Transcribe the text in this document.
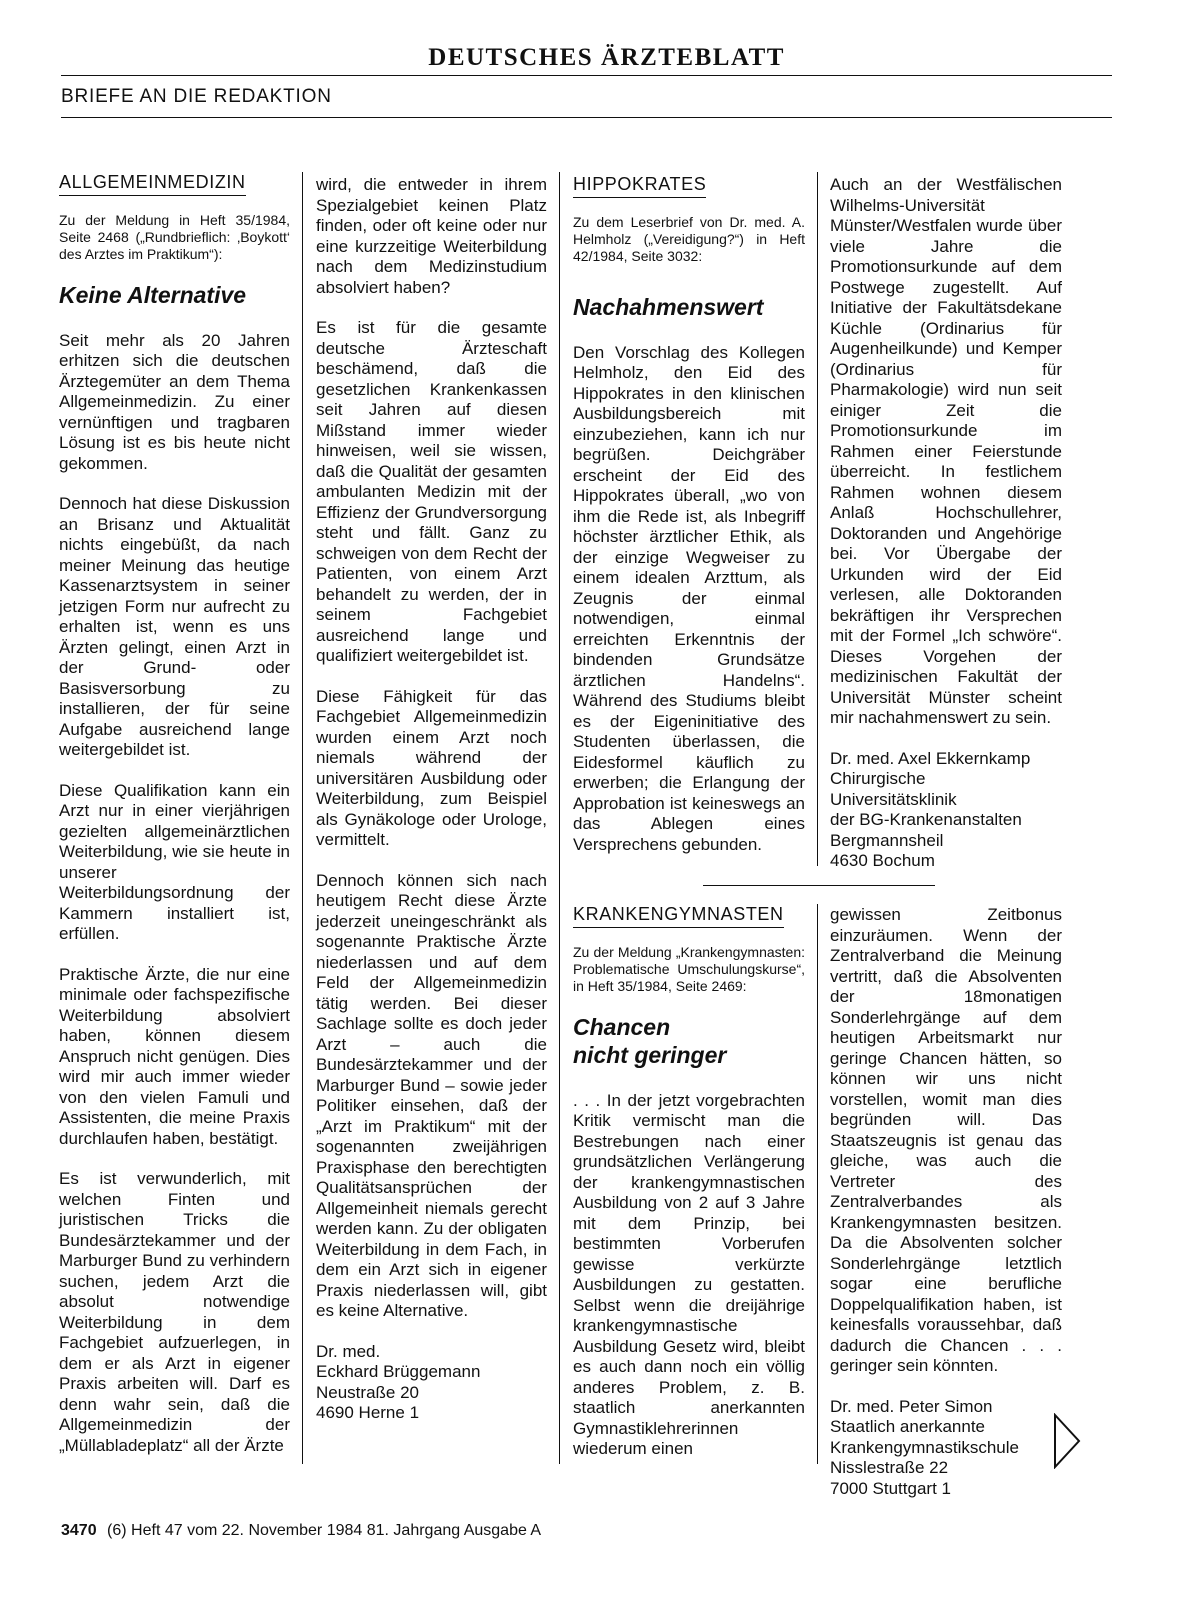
DEUTSCHES ÄRZTEBLATT
BRIEFE AN DIE REDAKTION
ALLGEMEINMEDIZIN
Zu der Meldung in Heft 35/1984, Seite 2468 („Rundbrieflich: ‚Boykott‘ des Arztes im Praktikum“):
Keine Alternative

Seit mehr als 20 Jahren erhitzen sich die deutschen Ärztegemüter an dem Thema Allgemeinmedizin. Zu einer vernünftigen und tragbaren Lösung ist es bis heute nicht gekommen.

Dennoch hat diese Diskussion an Brisanz und Aktualität nichts eingebüßt, da nach meiner Meinung das heutige Kassenarztsystem in seiner jetzigen Form nur aufrecht zu erhalten ist, wenn es uns Ärzten gelingt, einen Arzt in der Grund- oder Basisversorbung zu installieren, der für seine Aufgabe ausreichend lange weitergebildet ist.

Diese Qualifikation kann ein Arzt nur in einer vierjährigen gezielten allgemeinärztlichen Weiterbildung, wie sie heute in unserer Weiterbildungsordnung der Kammern installiert ist, erfüllen.

Praktische Ärzte, die nur eine minimale oder fachspezifische Weiterbildung absolviert haben, können diesem Anspruch nicht genügen. Dies wird mir auch immer wieder von den vielen Famuli und Assistenten, die meine Praxis durchlaufen haben, bestätigt.

Es ist verwunderlich, mit welchen Finten und juristischen Tricks die Bundesärztekammer und der Marburger Bund zu verhindern suchen, jedem Arzt die absolut notwendige Weiterbildung in dem Fachgebiet aufzuerlegen, in dem er als Arzt in eigener Praxis arbeiten will. Darf es denn wahr sein, daß die Allgemeinmedizin der „Müllabladeplatz“ all der Ärzte

wird, die entweder in ihrem Spezialgebiet keinen Platz finden, oder oft keine oder nur eine kurzzeitige Weiterbildung nach dem Medizinstudium absolviert haben?

Es ist für die gesamte deutsche Ärzteschaft beschämend, daß die gesetzlichen Krankenkassen seit Jahren auf diesen Mißstand immer wieder hinweisen, weil sie wissen, daß die Qualität der gesamten ambulanten Medizin mit der Effizienz der Grundversorgung steht und fällt. Ganz zu schweigen von dem Recht der Patienten, von einem Arzt behandelt zu werden, der in seinem Fachgebiet ausreichend lange und qualifiziert weitergebildet ist.

Diese Fähigkeit für das Fachgebiet Allgemeinmedizin wurden einem Arzt noch niemals während der universitären Ausbildung oder Weiterbildung, zum Beispiel als Gynäkologe oder Urologe, vermittelt.

Dennoch können sich nach heutigem Recht diese Ärzte jederzeit uneingeschränkt als sogenannte Praktische Ärzte niederlassen und auf dem Feld der Allgemeinmedizin tätig werden. Bei dieser Sachlage sollte es doch jeder Arzt – auch die Bundesärztekammer und der Marburger Bund – sowie jeder Politiker einsehen, daß der „Arzt im Praktikum“ mit der sogenannten zweijährigen Praxisphase den berechtigten Qualitätsansprüchen der Allgemeinheit niemals gerecht werden kann. Zu der obligaten Weiterbildung in dem Fach, in dem ein Arzt sich in eigener Praxis niederlassen will, gibt es keine Alternative.

Dr. med.
Eckhard Brüggemann
Neustraße 20
4690 Herne 1
HIPPOKRATES
Zu dem Leserbrief von Dr. med. A. Helmholz („Vereidigung?“) in Heft 42/1984, Seite 3032:
Nachahmenswert

Den Vorschlag des Kollegen Helmholz, den Eid des Hippokrates in den klinischen Ausbildungsbereich mit einzubeziehen, kann ich nur begrüßen. Deichgräber erscheint der Eid des Hippokrates überall, „wo von ihm die Rede ist, als Inbegriff höchster ärztlicher Ethik, als der einzige Wegweiser zu einem idealen Arzttum, als Zeugnis der einmal notwendigen, einmal erreichten Erkenntnis der bindenden Grundsätze ärztlichen Handelns“. Während des Studiums bleibt es der Eigeninitiative des Studenten überlassen, die Eidesformel käuflich zu erwerben; die Erlangung der Approbation ist keineswegs an das Ablegen eines Versprechens gebunden.

Auch an der Westfälischen Wilhelms-Universität Münster/Westfalen wurde über viele Jahre die Promotionsurkunde auf dem Postwege zugestellt. Auf Initiative der Fakultätsdekane Küchle (Ordinarius für Augenheilkunde) und Kemper (Ordinarius für Pharmakologie) wird nun seit einiger Zeit die Promotionsurkunde im Rahmen einer Feierstunde überreicht. In festlichem Rahmen wohnen diesem Anlaß Hochschullehrer, Doktoranden und Angehörige bei. Vor Übergabe der Urkunden wird der Eid verlesen, alle Doktoranden bekräftigen ihr Versprechen mit der Formel „Ich schwöre“. Dieses Vorgehen der medizinischen Fakultät der Universität Münster scheint mir nachahmenswert zu sein.

Dr. med. Axel Ekkernkamp
Chirurgische
Universitätsklinik
der BG-Krankenanstalten
Bergmannsheil
4630 Bochum
KRANKENGYMNASTEN
Zu der Meldung „Krankengymnasten: Problematische Umschulungskurse“, in Heft 35/1984, Seite 2469:
Chancen
nicht geringer

. . . In der jetzt vorgebrachten Kritik vermischt man die Bestrebungen nach einer grundsätzlichen Verlängerung der krankengymnastischen Ausbildung von 2 auf 3 Jahre mit dem Prinzip, bei bestimmten Vorberufen gewisse verkürzte Ausbildungen zu gestatten. Selbst wenn die dreijährige krankengymnastische Ausbildung Gesetz wird, bleibt es auch dann noch ein völlig anderes Problem, z. B. staatlich anerkannten Gymnastiklehrerinnen wiederum einen

gewissen Zeitbonus einzuräumen. Wenn der Zentralverband die Meinung vertritt, daß die Absolventen der 18monatigen Sonderlehrgänge auf dem heutigen Arbeitsmarkt nur geringe Chancen hätten, so können wir uns nicht vorstellen, womit man dies begründen will. Das Staatszeugnis ist genau das gleiche, was auch die Vertreter des Zentralverbandes als Krankengymnasten besitzen. Da die Absolventen solcher Sonderlehrgänge letztlich sogar eine berufliche Doppelqualifikation haben, ist keinesfalls voraussehbar, daß dadurch die Chancen . . . geringer sein könnten.

Dr. med. Peter Simon
Staatlich anerkannte
Krankengymnastikschule
Nisslestraße 22
7000 Stuttgart 1
3470 (6) Heft 47 vom 22. November 1984 81. Jahrgang Ausgabe A
